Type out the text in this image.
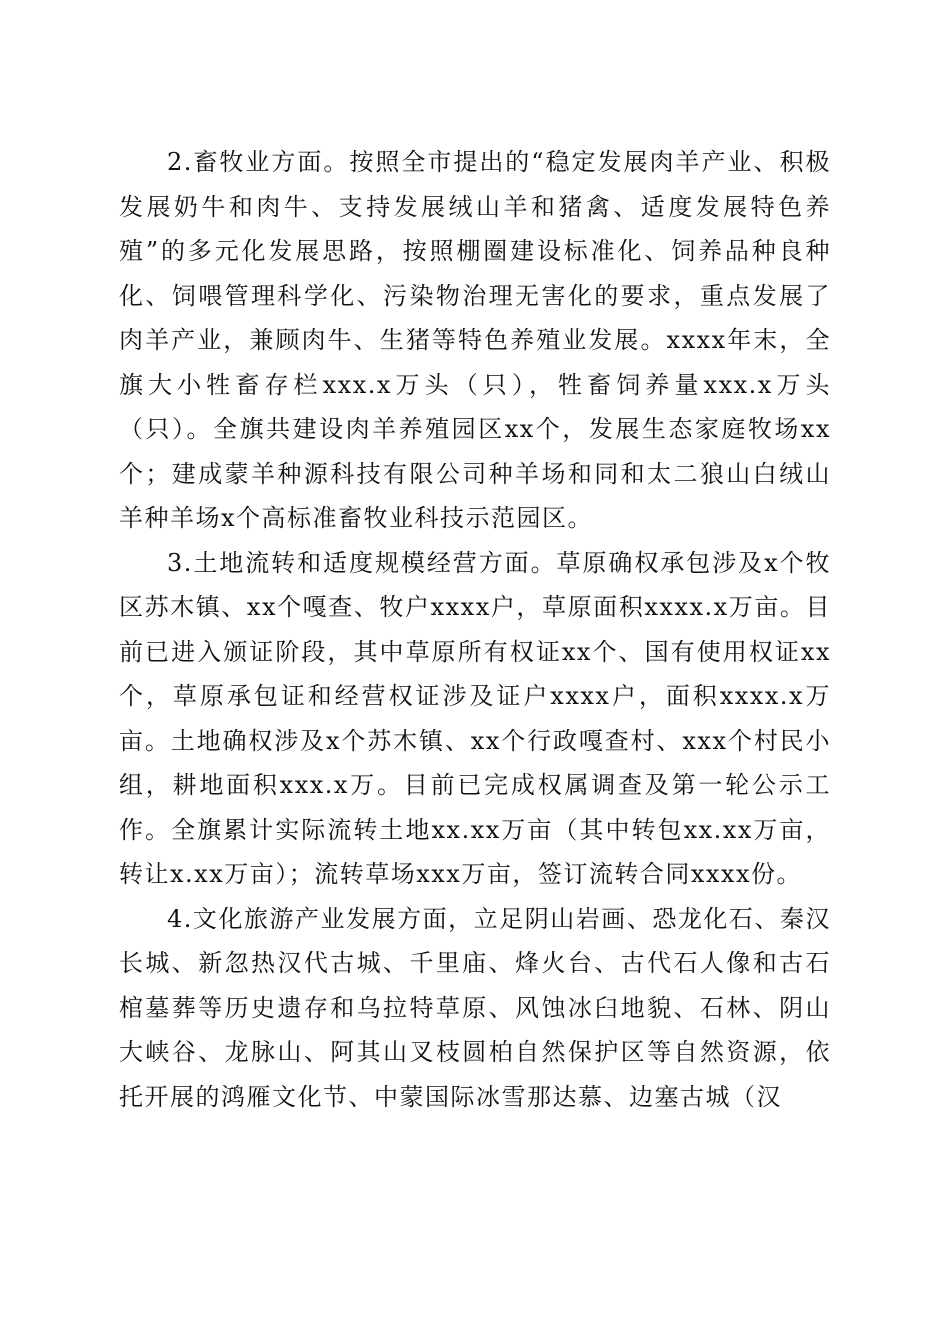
2.畜牧业方面。按照全市提出的“稳定发展肉羊产业、积极发展奶牛和肉牛、支持发展绒山羊和猪禽、适度发展特色养殖”的多元化发展思路，按照棚圈建设标准化、饲养品种良种化、饲喂管理科学化、污染物治理无害化的要求，重点发展了肉羊产业，兼顾肉牛、生猪等特色养殖业发展。xxxx年末，全旗大小牲畜存栏xxx.x万头（只），牲畜饲养量xxx.x万头（只）。全旗共建设肉羊养殖园区xx个，发展生态家庭牧场xx个；建成蒙羊种源科技有限公司种羊场和同和太二狼山白绒山羊种羊场x个高标准畜牧业科技示范园区。

3.土地流转和适度规模经营方面。草原确权承包涉及x个牧区苏木镇、xx个嘎查、牧户xxxx户，草原面积xxxx.x万亩。目前已进入颁证阶段，其中草原所有权证xx个、国有使用权证xx个，草原承包证和经营权证涉及证户xxxx户，面积xxxx.x万亩。土地确权涉及x个苏木镇、xx个行政嘎查村、xxx个村民小组，耕地面积xxx.x万。目前已完成权属调查及第一轮公示工作。全旗累计实际流转土地xx.xx万亩（其中转包xx.xx万亩，转让x.xx万亩）；流转草场xxx万亩，签订流转合同xxxx份。

4.文化旅游产业发展方面，立足阴山岩画、恐龙化石、秦汉长城、新忽热汉代古城、千里庙、烽火台、古代石人像和古石棺墓葬等历史遗存和乌拉特草原、风蚀冰臼地貌、石林、阴山大峡谷、龙脉山、阿其山叉枝圆柏自然保护区等自然资源，依托开展的鸿雁文化节、中蒙国际冰雪那达慕、边塞古城（汉
